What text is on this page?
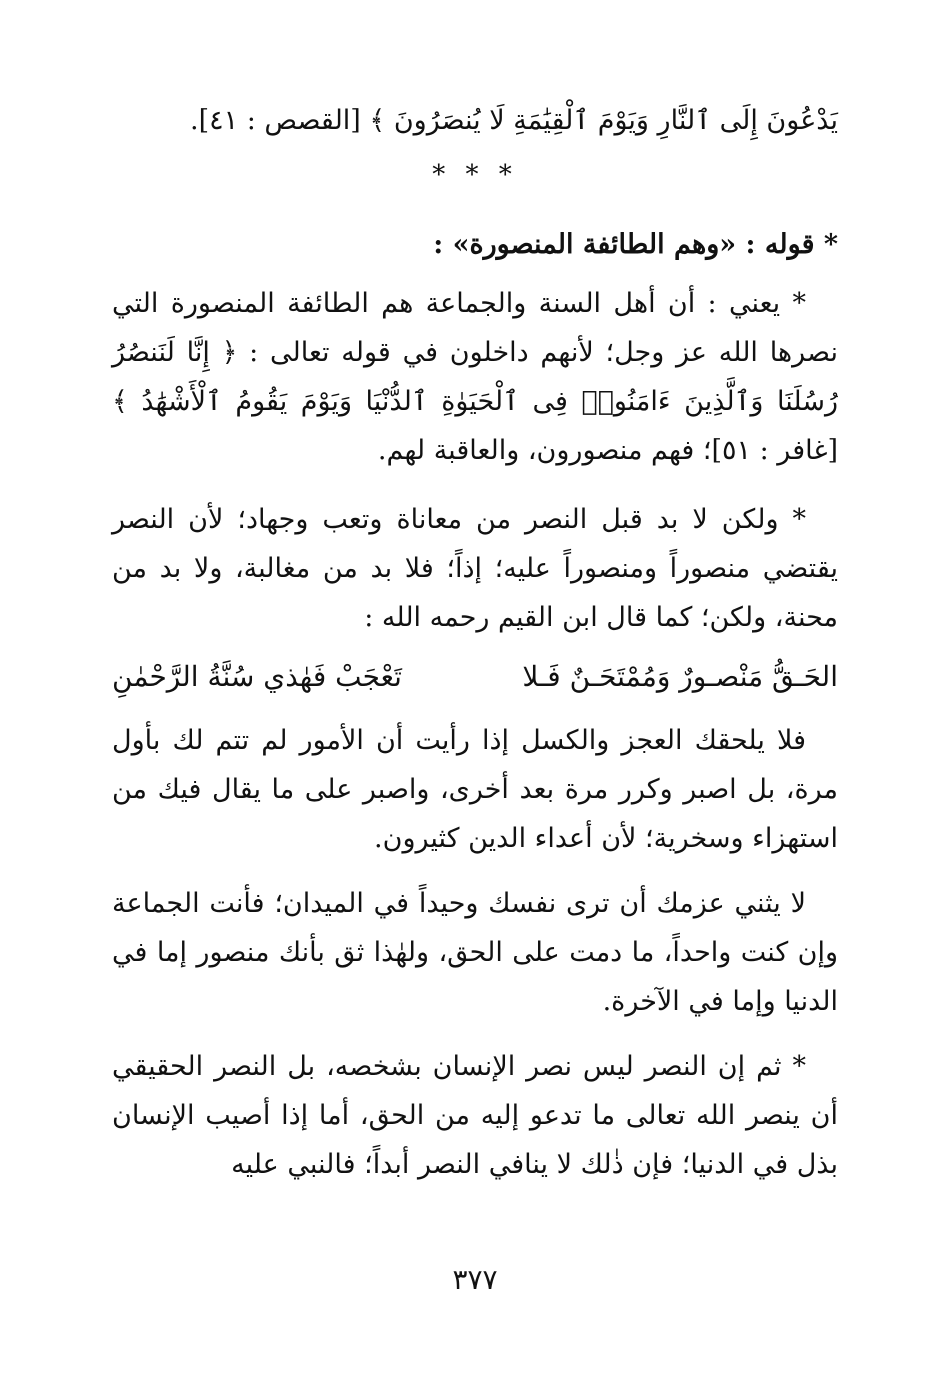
يَدْعُونَ إِلَى ٱلنَّارِ وَيَوْمَ ٱلْقِيَٰمَةِ لَا يُنصَرُونَ ﴾ [القصص : ٤١].
* * *
* قوله : «وهم الطائفة المنصورة» :
* يعني : أن أهل السنة والجماعة هم الطائفة المنصورة التي نصرها الله عز وجل؛ لأنهم داخلون في قوله تعالى : ﴿ إِنَّا لَنَنصُرُ رُسُلَنَا وَٱلَّذِينَ ءَامَنُوا۟ فِى ٱلْحَيَوٰةِ ٱلدُّنْيَا وَيَوْمَ يَقُومُ ٱلْأَشْهَٰدُ ﴾ [غافر : ٥١]؛ فهم منصورون، والعاقبة لهم.
* ولكن لا بد قبل النصر من معاناة وتعب وجهاد؛ لأن النصر يقتضي منصوراً ومنصوراً عليه؛ إذاً؛ فلا بد من مغالبة، ولا بد من محنة، ولكن؛ كما قال ابن القيم رحمه الله :
الحَـقُّ مَنْصـورٌ وَمُمْتَحَـنٌ فَـلا
تَعْجَبْ فَهٰذي سُنَّةُ الرَّحْمٰنِ
فلا يلحقك العجز والكسل إذا رأيت أن الأمور لم تتم لك بأول مرة، بل اصبر وكرر مرة بعد أخرى، واصبر على ما يقال فيك من استهزاء وسخرية؛ لأن أعداء الدين كثيرون.
لا يثني عزمك أن ترى نفسك وحيداً في الميدان؛ فأنت الجماعة وإن كنت واحداً، ما دمت على الحق، ولهٰذا ثق بأنك منصور إما في الدنيا وإما في الآخرة.
* ثم إن النصر ليس نصر الإنسان بشخصه، بل النصر الحقيقي أن ينصر الله تعالى ما تدعو إليه من الحق، أما إذا أصيب الإنسان بذل في الدنيا؛ فإن ذٰلك لا ينافي النصر أبداً؛ فالنبي عليه
٣٧٧
